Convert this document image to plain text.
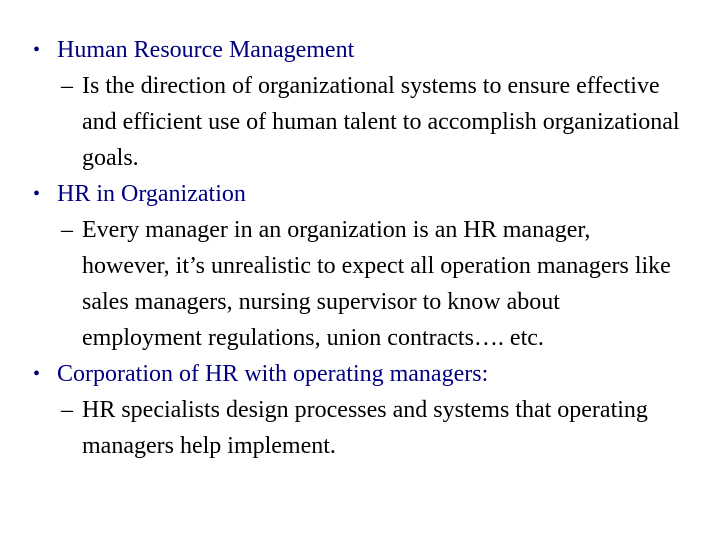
• Human Resource Management
– Is the direction of organizational systems to ensure effective and efficient use of human talent to accomplish organizational goals.
• HR in Organization
– Every manager in an organization is an HR manager, however, it’s unrealistic to expect all operation managers like sales managers, nursing supervisor to know about employment regulations, union contracts…. etc.
• Corporation of HR with operating managers:
– HR specialists design processes and systems that operating managers help implement.
